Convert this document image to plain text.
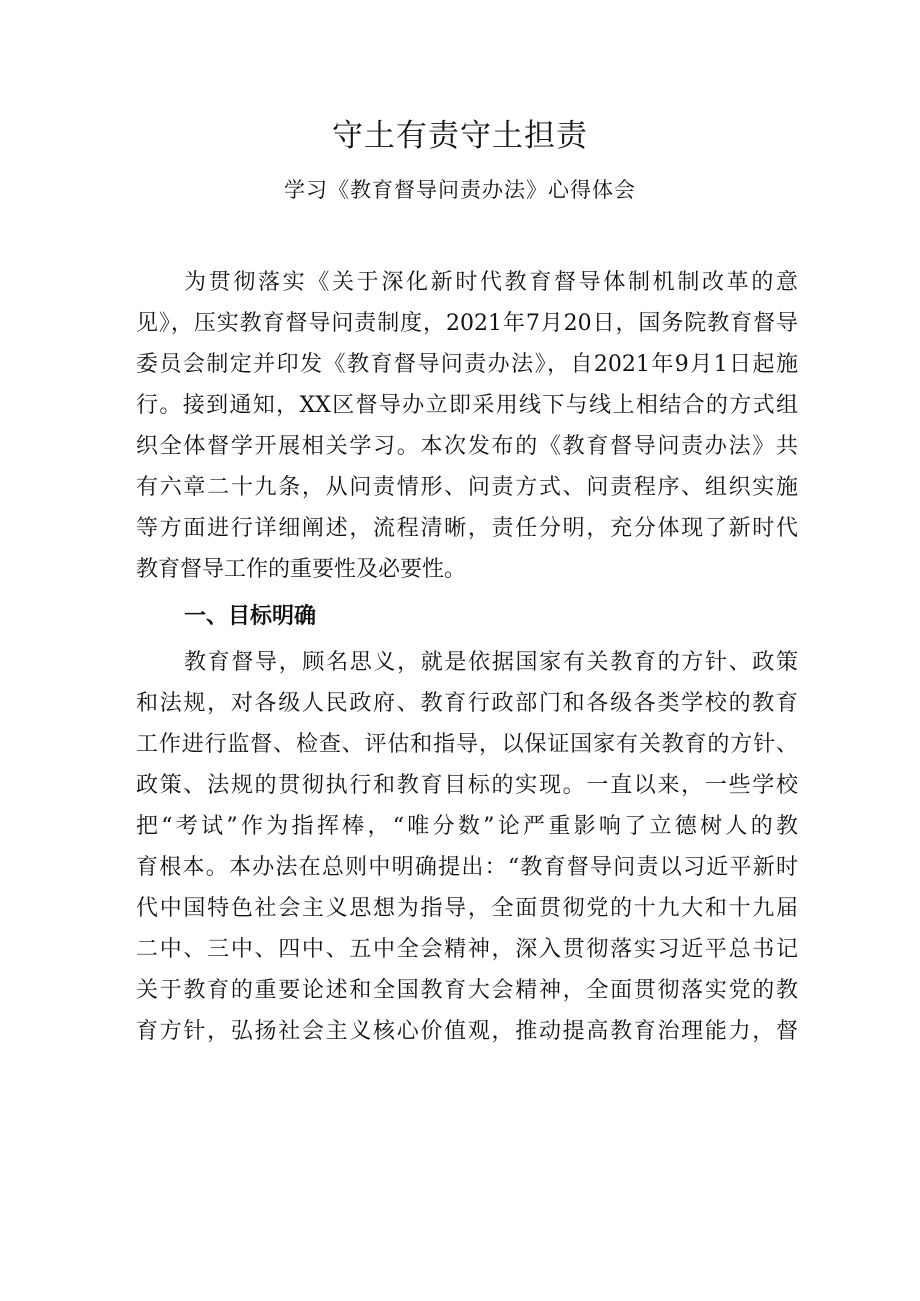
守土有责守土担责
学习《教育督导问责办法》心得体会
为贯彻落实《关于深化新时代教育督导体制机制改革的意
见》，压实教育督导问责制度，2021年7月20日，国务院教育督导
委员会制定并印发《教育督导问责办法》，自2021年9月1日起施
行。接到通知，XX区督导办立即采用线下与线上相结合的方式组
织全体督学开展相关学习。本次发布的《教育督导问责办法》共
有六章二十九条，从问责情形、问责方式、问责程序、组织实施
等方面进行详细阐述，流程清晰，责任分明，充分体现了新时代
教育督导工作的重要性及必要性。
一、目标明确
教育督导，顾名思义，就是依据国家有关教育的方针、政策
和法规，对各级人民政府、教育行政部门和各级各类学校的教育
工作进行监督、检查、评估和指导，以保证国家有关教育的方针、
政策、法规的贯彻执行和教育目标的实现。一直以来，一些学校
把“考试”作为指挥棒，“唯分数”论严重影响了立德树人的教
育根本。本办法在总则中明确提出：“教育督导问责以习近平新时
代中国特色社会主义思想为指导，全面贯彻党的十九大和十九届
二中、三中、四中、五中全会精神，深入贯彻落实习近平总书记
关于教育的重要论述和全国教育大会精神，全面贯彻落实党的教
育方针，弘扬社会主义核心价值观，推动提高教育治理能力，督
